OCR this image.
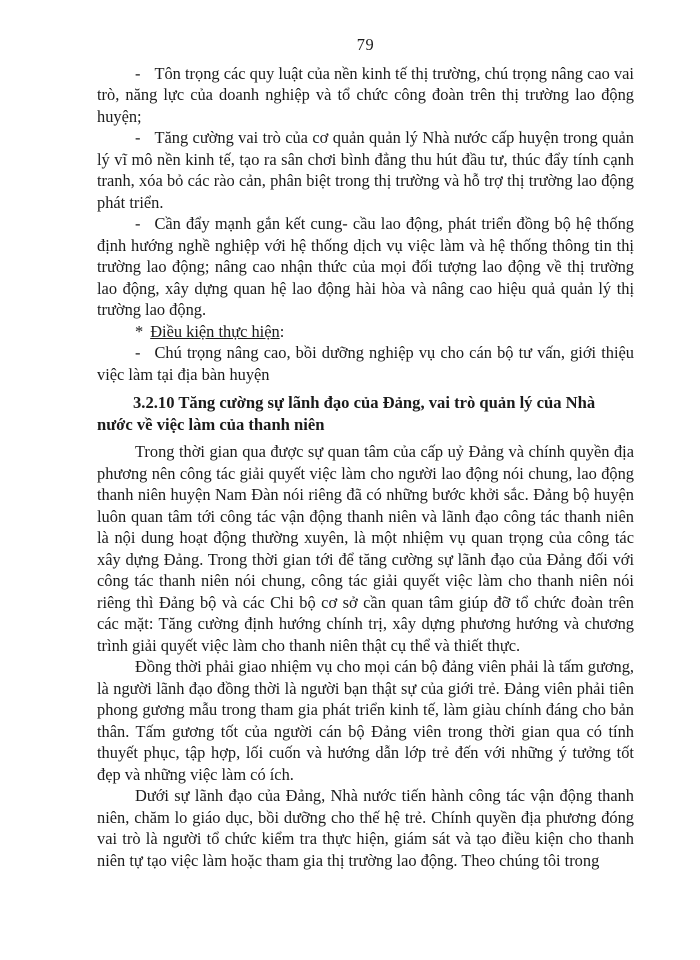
79

- Tôn trọng các quy luật của nền kinh tế thị trường, chú trọng nâng cao vai trò, năng lực của doanh nghiệp và tổ chức công đoàn trên thị trường lao động huyện;

- Tăng cường vai trò của cơ quản quản lý Nhà nước cấp huyện trong quản lý vĩ mô nền kinh tế, tạo ra sân chơi bình đẳng thu hút đầu tư, thúc đẩy tính cạnh tranh, xóa bỏ các rào cản, phân biệt trong thị trường và hỗ trợ thị trường lao động phát triển.

- Cần đẩy mạnh gắn kết cung- cầu lao động, phát triển đồng bộ hệ thống định hướng nghề nghiệp với hệ thống dịch vụ việc làm và hệ thống thông tin thị trường lao động; nâng cao nhận thức của mọi đối tượng lao động về thị trường lao động, xây dựng quan hệ lao động hài hòa và nâng cao hiệu quả quản lý thị trường lao động.

* Điều kiện thực hiện:

- Chú trọng nâng cao, bồi dưỡng nghiệp vụ cho cán bộ tư vấn, giới thiệu việc làm tại địa bàn huyện

3.2.10 Tăng cường sự lãnh đạo của Đảng, vai trò quản lý của Nhà nước về việc làm của thanh niên

Trong thời gian qua được sự quan tâm của cấp uỷ Đảng và chính quyền địa phương nên công tác giải quyết việc làm cho người lao động nói chung, lao động thanh niên huyện Nam Đàn nói riêng đã có những bước khởi sắc. Đảng bộ huyện luôn quan tâm tới công tác vận động thanh niên và lãnh đạo công tác thanh niên là nội dung hoạt động thường xuyên, là một nhiệm vụ quan trọng của công tác xây dựng Đảng. Trong thời gian tới để tăng cường sự lãnh đạo của Đảng đối với công tác thanh niên nói chung, công tác giải quyết việc làm cho thanh niên nói riêng thì Đảng bộ và các Chi bộ cơ sở cần quan tâm giúp đỡ tổ chức đoàn trên các mặt: Tăng cường định hướng chính trị, xây dựng phương hướng và chương trình giải quyết việc làm cho thanh niên thật cụ thể và thiết thực.

Đồng thời phải giao nhiệm vụ cho mọi cán bộ đảng viên phải là tấm gương, là người lãnh đạo đồng thời là người bạn thật sự của giới trẻ. Đảng viên phải tiên phong gương mẫu trong tham gia phát triển kinh tế, làm giàu chính đáng cho bản thân. Tấm gương tốt của người cán bộ Đảng viên trong thời gian qua có tính thuyết phục, tập hợp, lối cuốn và hướng dẫn lớp trẻ đến với những ý tưởng tốt đẹp và những việc làm có ích.

Dưới sự lãnh đạo của Đảng, Nhà nước tiến hành công tác vận động thanh niên, chăm lo giáo dục, bồi dưỡng cho thế hệ trẻ. Chính quyền địa phương đóng vai trò là người tổ chức kiểm tra thực hiện, giám sát và tạo điều kiện cho thanh niên tự tạo việc làm hoặc tham gia thị trường lao động. Theo chúng tôi trong
